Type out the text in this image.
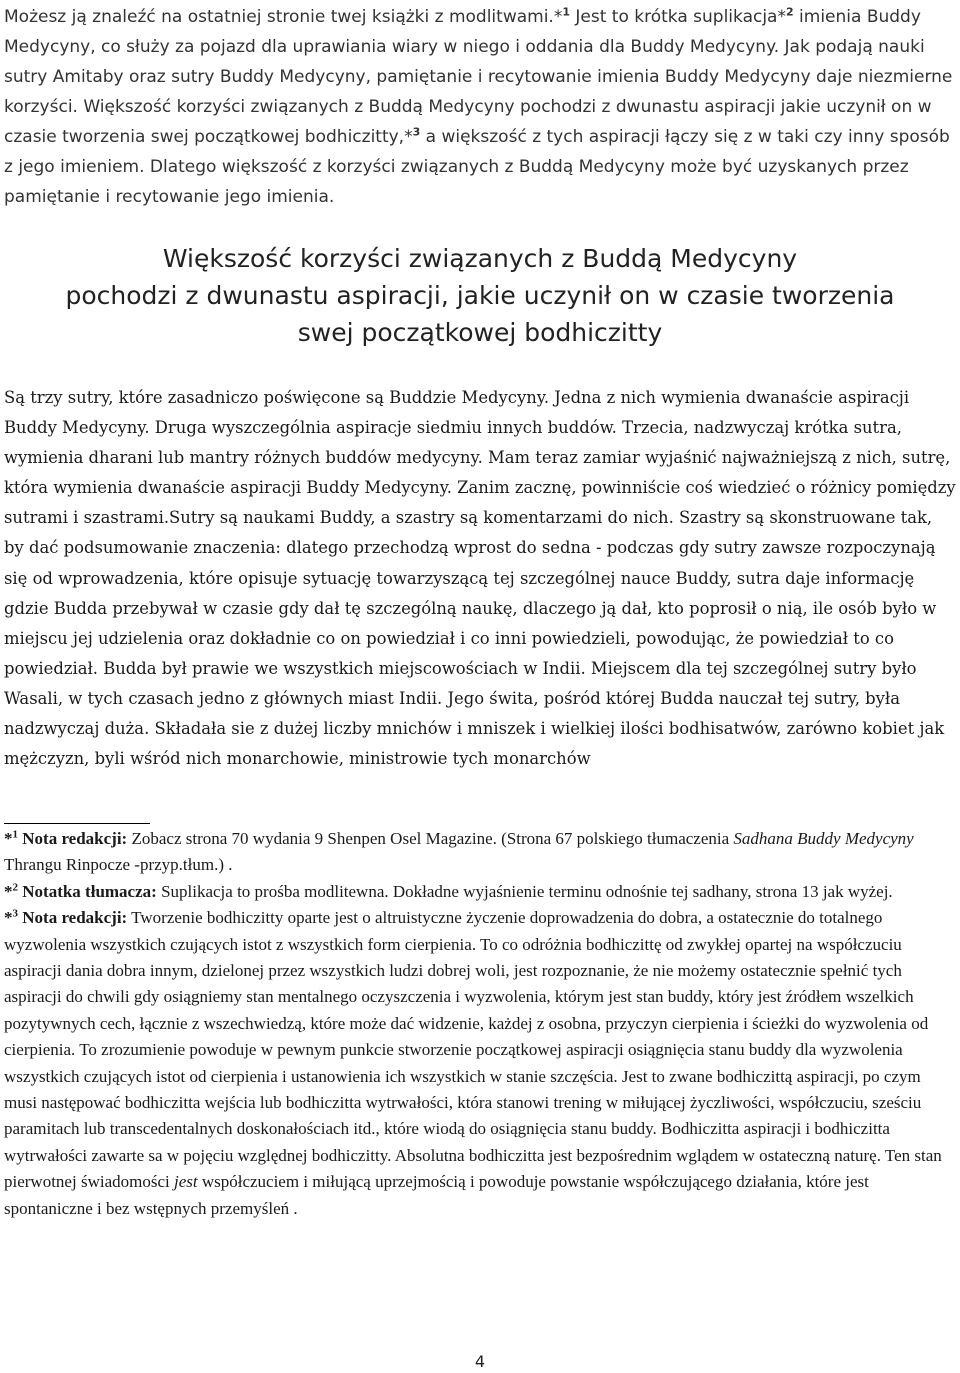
Możesz ją znaleźć na ostatniej stronie twej książki z modlitwami.*$^1$ Jest to krótka suplikacja*$^2$ imienia Buddy Medycyny, co służy za pojazd dla uprawiania wiary w niego i oddania dla Buddy Medycyny. Jak podają nauki sutry Amitaby oraz sutry Buddy Medycyny, pamiętanie i recytowanie imienia Buddy Medycyny daje niezmierne korzyści. Większość korzyści związanych z Buddą Medycyny pochodzi z dwunastu aspiracji jakie uczynił on w czasie tworzenia swej początkowej bodhiczitty,*$^3$ a większość z tych aspiracji łączy się z w taki czy inny sposób z jego imieniem. Dlatego większość z korzyści związanych z Buddą Medycyny może być uzyskanych przez pamiętanie i recytowanie jego imienia.
Większość korzyści związanych z Buddą Medycyny
pochodzi z dwunastu aspiracji, jakie uczynił on w czasie tworzenia
swej początkowej bodhiczitty
Są trzy sutry, które zasadniczo poświęcone są Buddzie Medycyny. Jedna z nich wymienia dwanaście aspiracji Buddy Medycyny. Druga wyszczególnia aspiracje siedmiu innych buddów. Trzecia, nadzwyczaj krótka sutra, wymienia dharani lub mantry różnych buddów medycyny. Mam teraz zamiar wyjaśnić najważniejszą z nich, sutrę, która wymienia dwanaście aspiracji Buddy Medycyny. Zanim zacznę, powinniście coś wiedzieć o różnicy pomiędzy sutrami i szastrami.Sutry są naukami Buddy, a szastry są komentarzami do nich. Szastry są skonstruowane tak, by dać podsumowanie znaczenia: dlatego przechodzą wprost do sedna - podczas gdy sutry zawsze rozpoczynają się od wprowadzenia, które opisuje sytuację towarzyszącą tej szczególnej nauce Buddy, sutra daje informację gdzie Budda przebywał w czasie gdy dał tę szczególną naukę, dlaczego ją dał, kto poprosił o nią, ile osób było w miejscu jej udzielenia oraz dokładnie co on powiedział i co inni powiedzieli, powodując, że powiedział to co powiedział. Budda był prawie we wszystkich miejscowościach w Indii. Miejscem dla tej szczególnej sutry było Wasali, w tych czasach jedno z głównych miast Indii. Jego świta, pośród której Budda nauczał tej sutry, była nadzwyczaj duża. Składała sie z dużej liczby mnichów i mniszek i wielkiej ilości bodhisatwów, zarówno kobiet jak mężczyzn, byli wśród nich monarchowie, ministrowie tych monarchów
*$^1$ Nota redakcji: Zobacz strona 70 wydania 9 Shenpen Osel Magazine. (Strona 67 polskiego tłumaczenia Sadhana Buddy Medycyny Thrangu Rinpocze -przyp.tłum.) .
*$^2$ Notatka tłumacza: Suplikacja to prośba modlitewna. Dokładne wyjaśnienie terminu odnośnie tej sadhany, strona 13 jak wyżej.
*$^3$ Nota redakcji: Tworzenie bodhiczitty oparte jest o altruistyczne życzenie doprowadzenia do dobra, a ostatecznie do totalnego wyzwolenia wszystkich czujących istot z wszystkich form cierpienia. To co odróżnia bodhiczittę od zwykłej opartej na współczuciu aspiracji dania dobra innym, dzielonej przez wszystkich ludzi dobrej woli, jest rozpoznanie, że nie możemy ostatecznie spełnić tych aspiracji do chwili gdy osiągniemy stan mentalnego oczyszczenia i wyzwolenia, którym jest stan buddy, który jest źródłem wszelkich pozytywnych cech, łącznie z wszechwiedzą, które może dać widzenie, każdej z osobna, przyczyn cierpienia i ścieżki do wyzwolenia od cierpienia. To zrozumienie powoduje w pewnym punkcie stworzenie początkowej aspiracji osiągnięcia stanu buddy dla wyzwolenia wszystkich czujących istot od cierpienia i ustanowienia ich wszystkich w stanie szczęścia. Jest to zwane bodhiczittą aspiracji, po czym musi następować bodhiczitta wejścia lub bodhiczitta wytrwałości, która stanowi trening w miłującej życzliwości, współczuciu, sześciu paramitach lub transcedentalnych doskonałościach itd., które wiodą do osiągnięcia stanu buddy. Bodhiczitta aspiracji i bodhiczitta wytrwałości zawarte sa w pojęciu względnej bodhiczitty. Absolutna bodhiczitta jest bezpośrednim wglądem w ostateczną naturę. Ten stan pierwotnej świadomości jest współczuciem i miłującą uprzejmością i powoduje powstanie współczującego działania, które jest spontaniczne i bez wstępnych przemyśleń .
4
